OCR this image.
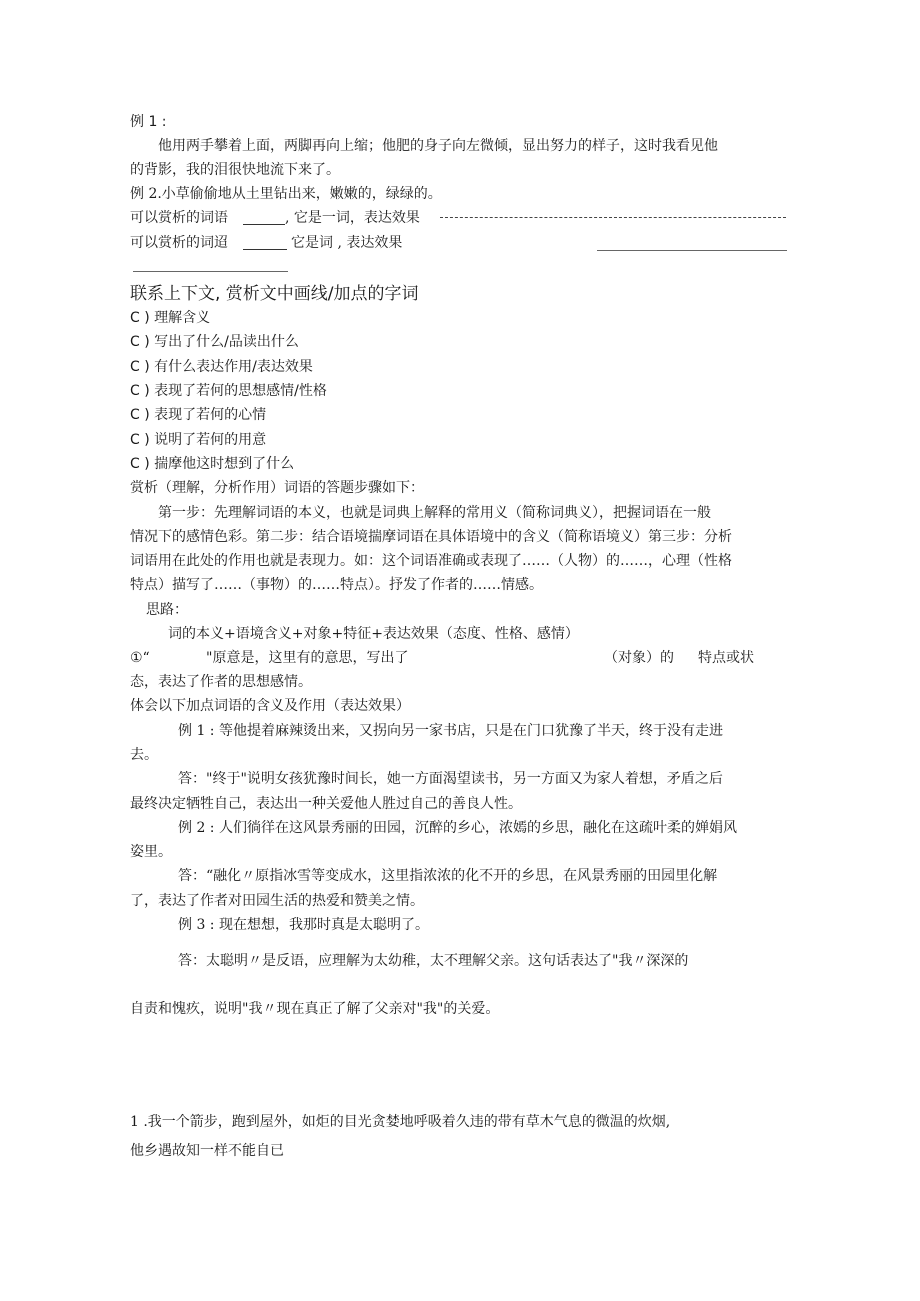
例 1 :
他用两手攀着上面，两脚再向上缩；他肥的身子向左微倾，显出努力的样子，这时我看见他
的背影，我的泪很快地流下来了。
例 2.小草偷偷地从土里钻出来，嫩嫩的，绿绿的。
可以赏析的词语	, 它是一词，表达效果
可以赏析的词迢	它是词 , 表达效果
联系上下文, 赏析文中画线/加点的字词
C ) 理解含义
C ) 写出了什么/品读出什么
C ) 有什么表达作用/表达效果
C ) 表现了若何的思想感情/性格
C ) 表现了若何的心情
C ) 说明了若何的用意
C ) 揣摩他这时想到了什么
赏析（理解，分析作用）词语的答题步骤如下：
第一步：先理解词语的本义，也就是词典上解释的常用义（简称词典义），把握词语在一般
情况下的感情色彩。第二步：结合语境揣摩词语在具体语境中的含义（简称语境义）第三步：分析
词语用在此处的作用也就是表现力。如：这个词语准确或表现了……（人物）的……，心理（性格
特点）描写了……（事物）的……特点）。抒发了作者的……情感。
思路：
词的本义+语境含义+对象+特征+表达效果（态度、性格、感情）
①“	"原意是，这里有的意思，写出了	（对象）的 特点或状
态，表达了作者的思想感情。
体会以下加点词语的含义及作用（表达效果）
例 1 : 等他提着麻辣烫出来，又拐向另一家书店，只是在门口犹豫了半天，终于没有走进
去。
答："终于"说明女孩犹豫时间长，她一方面渴望读书，另一方面又为家人着想，矛盾之后
最终决定牺牲自己，表达出一种关爱他人胜过自己的善良人性。
例 2 : 人们徜徉在这风景秀丽的田园，沉醉的乡心，浓嫣的乡思，融化在这疏叶柔的婵娟风
姿里。
答：“融化〃原指冰雪等变成水，这里指浓浓的化不开的乡思，在风景秀丽的田园里化解
了，表达了作者对田园生活的热爱和赞美之情。
例 3 : 现在想想，我那时真是太聪明了。
答：太聪明〃是反语，应理解为太幼稚，太不理解父亲。这句话表达了"我〃深深的
自责和愧疚，说明"我〃现在真正了解了父亲对"我"的关爱。
1 .我一个箭步，跑到屋外，如炬的目光贪婪地呼吸着久违的带有草木气息的微温的炊烟,
他乡遇故知一样不能自已
